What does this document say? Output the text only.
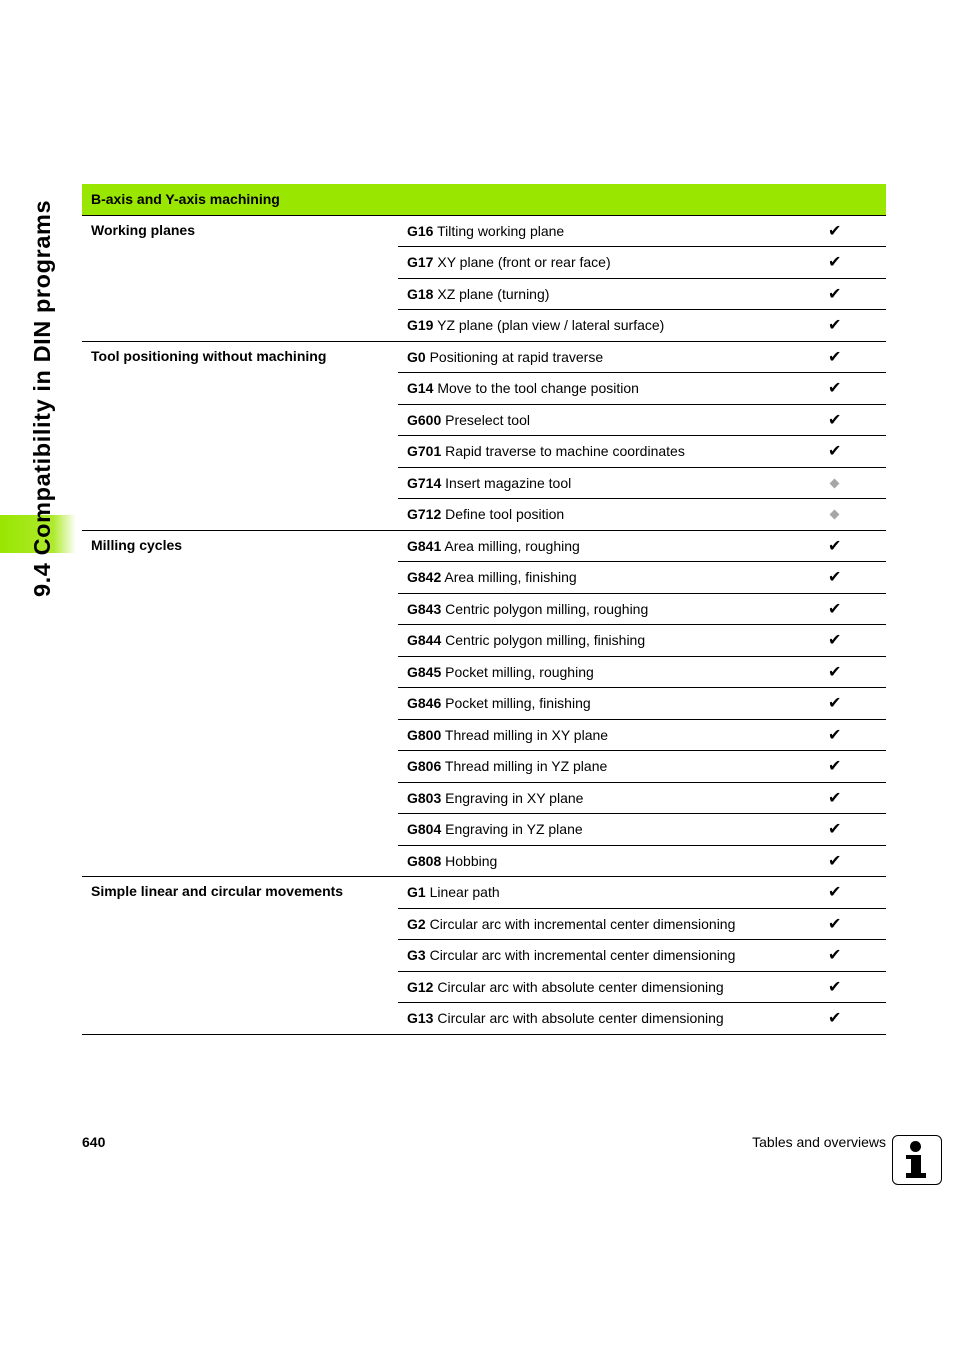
9.4 Compatibility in DIN programs
B-axis and Y-axis machining		
Working planes	G16 Tilting working plane	✔
	G17 XY plane (front or rear face)	✔
	G18 XZ plane (turning)	✔
	G19 YZ plane (plan view / lateral surface)	✔
Tool positioning without machining	G0 Positioning at rapid traverse	✔
	G14 Move to the tool change position	✔
	G600 Preselect tool	✔
	G701 Rapid traverse to machine coordinates	✔
	G714 Insert magazine tool	
	G712 Define tool position	
Milling cycles	G841 Area milling, roughing	✔
	G842 Area milling, finishing	✔
	G843 Centric polygon milling, roughing	✔
	G844 Centric polygon milling, finishing	✔
	G845 Pocket milling, roughing	✔
	G846 Pocket milling, finishing	✔
	G800 Thread milling in XY plane	✔
	G806 Thread milling in YZ plane	✔
	G803 Engraving in XY plane	✔
	G804 Engraving in YZ plane	✔
	G808 Hobbing	✔
Simple linear and circular movements	G1 Linear path	✔
	G2 Circular arc with incremental center dimensioning	✔
	G3 Circular arc with incremental center dimensioning	✔
	G12 Circular arc with absolute center dimensioning	✔
	G13 Circular arc with absolute center dimensioning	✔
640	Tables and overviews
